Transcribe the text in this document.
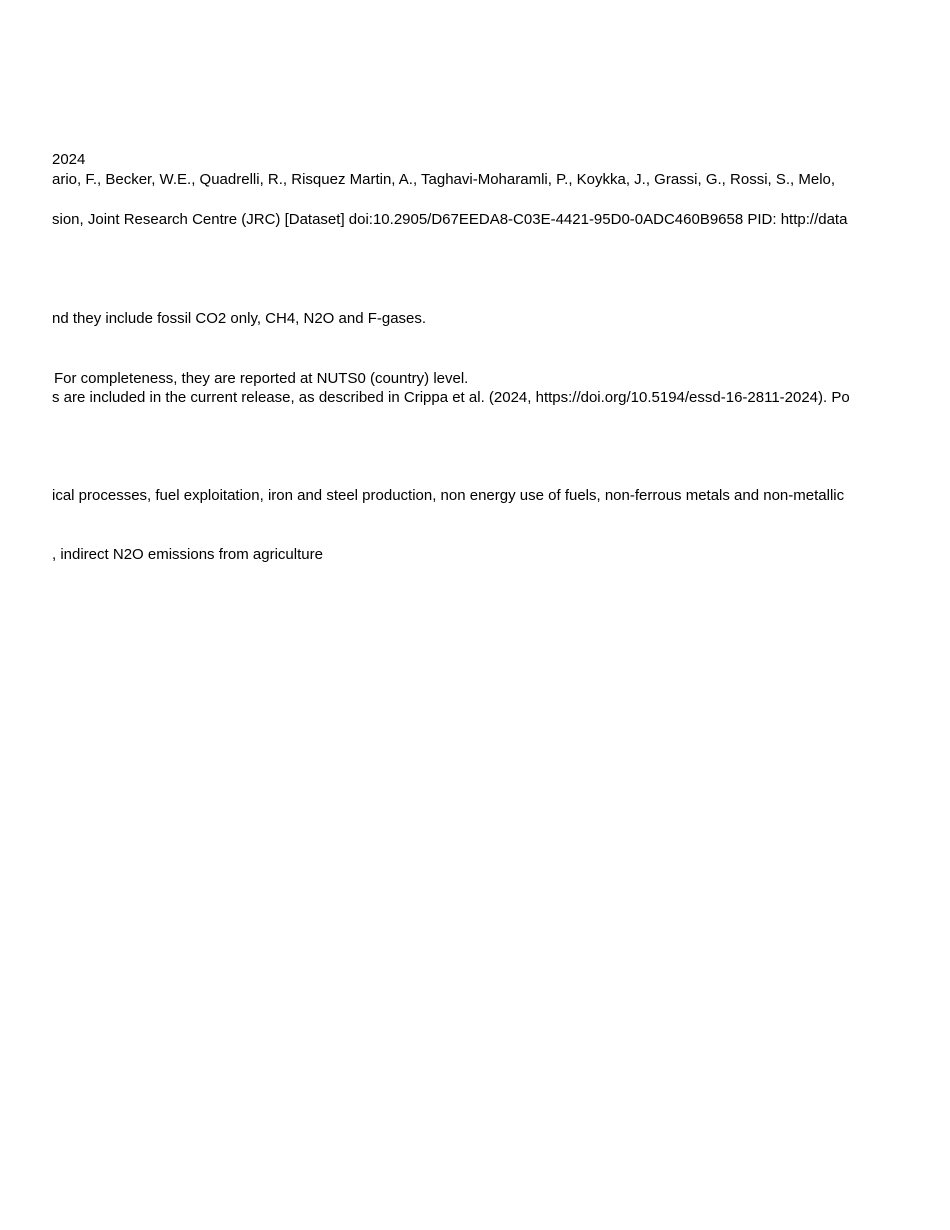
2024
ario, F., Becker, W.E., Quadrelli, R., Risquez Martin, A., Taghavi-Moharamli, P., Koykka, J., Grassi, G., Rossi, S., Melo,
sion, Joint Research Centre (JRC) [Dataset] doi:10.2905/D67EEDA8-C03E-4421-95D0-0ADC460B9658 PID: http://data
nd they include fossil CO2 only, CH4, N2O and F-gases.
For completeness, they are reported at NUTS0 (country) level.
s are included in the current release, as described in Crippa et al. (2024, https://doi.org/10.5194/essd-16-2811-2024). Po
ical processes, fuel exploitation, iron and steel production, non energy use of fuels, non-ferrous metals and non-metallic
, indirect N2O emissions from agriculture
